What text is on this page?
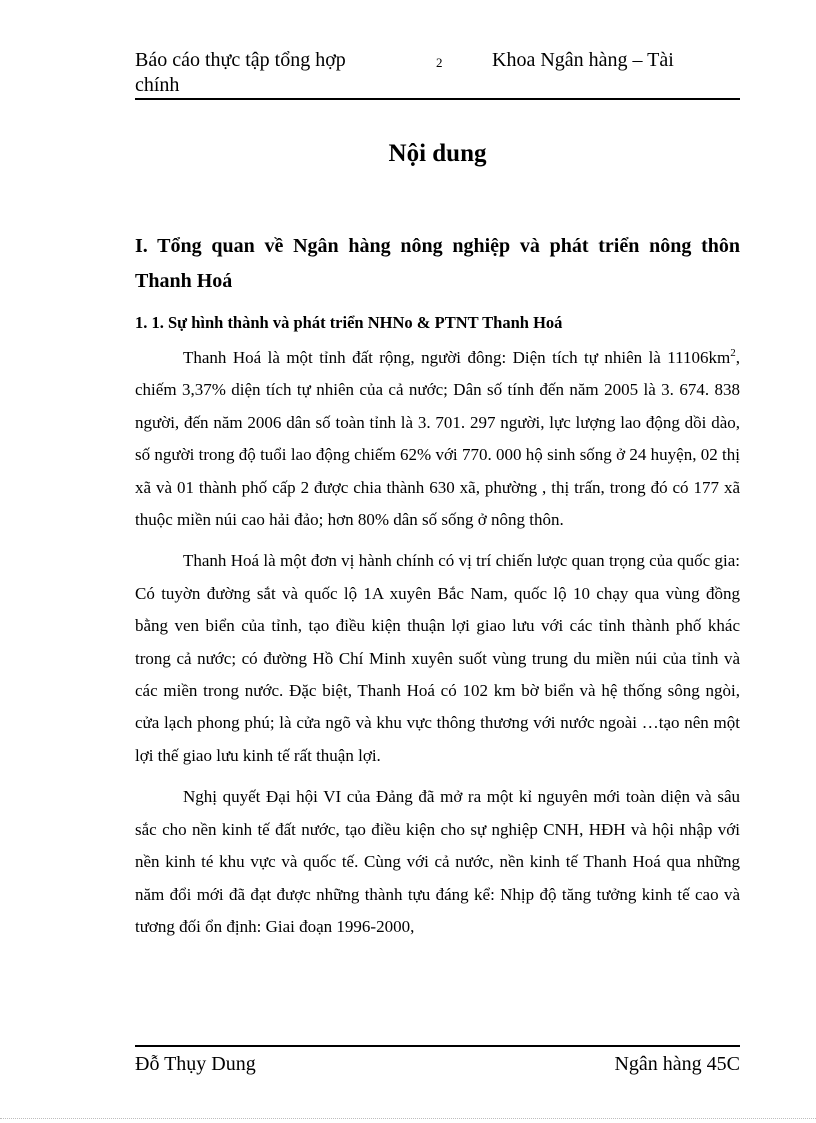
Báo cáo thực tập tổng hợp chính
2 Khoa Ngân hàng – Tài
Nội dung
I. Tổng quan về Ngân hàng nông nghiệp và phát triển nông thôn Thanh Hoá
1. 1. Sự hình thành và phát triển NHNo & PTNT Thanh Hoá

Thanh Hoá là một tỉnh đất rộng, người đông: Diện tích tự nhiên là $11106km^2$, chiếm 3,37% diện tích tự nhiên của cả nước; Dân số tính đến năm 2005 là 3. 674. 838 người, đến năm 2006 dân số toàn tỉnh là 3. 701. 297 người, lực lượng lao động dồi dào, số người trong độ tuổi lao động chiếm 62% với 770. 000 hộ sinh sống ở 24 huyện, 02 thị xã và 01 thành phố cấp 2 được chia thành 630 xã, phường , thị trấn, trong đó có 177 xã thuộc miền núi cao hải đảo; hơn 80% dân số sống ở nông thôn.

Thanh Hoá là một đơn vị hành chính có vị trí chiến lược quan trọng của quốc gia: Có tuyờn đường sắt và quốc lộ 1A xuyên Bắc Nam, quốc lộ 10 chạy qua vùng đồng bằng ven biển của tỉnh, tạo điều kiện thuận lợi giao lưu với các tỉnh thành phố khác trong cả nước; có đường Hồ Chí Minh xuyên suốt vùng trung du miền núi của tỉnh và các miền trong nước. Đặc biệt, Thanh Hoá có 102 km bờ biển và hệ thống sông ngòi, cửa lạch phong phú; là cửa ngõ và khu vực thông thương với nước ngoài …tạo nên một lợi thế giao lưu kinh tế rất thuận lợi.

Nghị quyết Đại hội VI của Đảng đã mở ra một kỉ nguyên mới toàn diện và sâu sắc cho nền kinh tế đất nước, tạo điều kiện cho sự nghiệp CNH, HĐH và hội nhập với nền kinh té khu vực và quốc tế. Cùng với cả nước, nền kinh tế Thanh Hoá qua những năm đổi mới đã đạt được những thành tựu đáng kể: Nhịp độ tăng tưởng kinh tế cao và tương đối ổn định: Giai đoạn 1996-2000,

Đỗ Thụy Dung	Ngân hàng 45C
